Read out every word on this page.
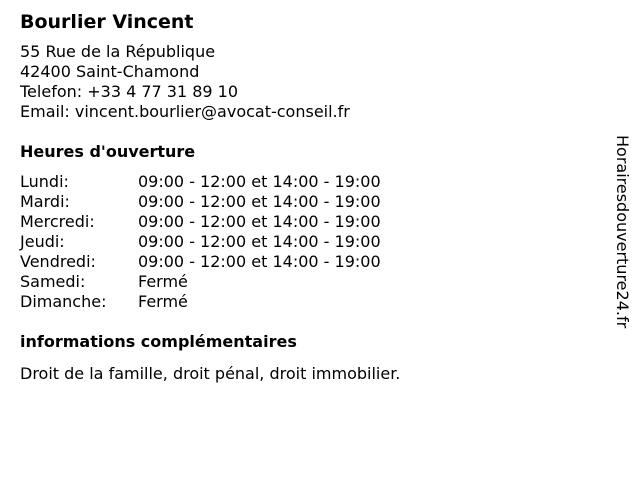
Bourlier Vincent
55 Rue de la République
42400 Saint-Chamond
Telefon: +33 4 77 31 89 10
Email: vincent.bourlier@avocat-conseil.fr
Heures d'ouverture
Lundi:	09:00 - 12:00 et 14:00 - 19:00
Mardi:	09:00 - 12:00 et 14:00 - 19:00
Mercredi:	09:00 - 12:00 et 14:00 - 19:00
Jeudi:	09:00 - 12:00 et 14:00 - 19:00
Vendredi:	09:00 - 12:00 et 14:00 - 19:00
Samedi:	Fermé
Dimanche:	Fermé
informations complémentaires
Droit de la famille, droit pénal, droit immobilier.
Horairesdouverture24.fr
